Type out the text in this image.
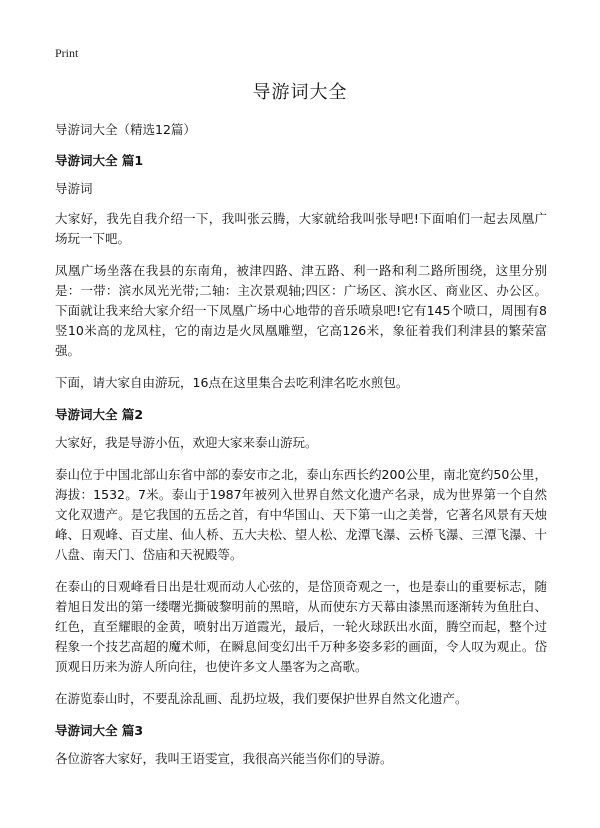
Print
导游词大全

导游词大全（精选12篇）

导游词大全 篇1

导游词

大家好，我先自我介绍一下，我叫张云腾，大家就给我叫张导吧!下面咱们一起去凤凰广场玩一下吧。

凤凰广场坐落在我县的东南角，被津四路、津五路、利一路和利二路所围绕，这里分别是：一带：滨水凤光光带;二轴：主次景观轴;四区：广场区、滨水区、商业区、办公区。下面就让我来给大家介绍一下凤凰广场中心地带的音乐喷泉吧!它有145个喷口，周围有8竖10米高的龙凤柱，它的南边是火凤凰雕塑，它高126米，象征着我们利津县的繁荣富强。

下面，请大家自由游玩，16点在这里集合去吃利津名吃水煎包。

导游词大全 篇2

大家好，我是导游小伍，欢迎大家来泰山游玩。

泰山位于中国北部山东省中部的泰安市之北，泰山东西长约200公里，南北宽约50公里，海拔：1532。7米。泰山于1987年被列入世界自然文化遗产名录，成为世界第一个自然文化双遗产。是它我国的五岳之首，有中华国山、天下第一山之美誉，它著名风景有天烛峰、日观峰、百丈崖、仙人桥、五大夫松、望人松、龙潭飞瀑、云桥飞瀑、三潭飞瀑、十八盘、南天门、岱庙和天祝殿等。

在泰山的日观峰看日出是壮观而动人心弦的，是岱顶奇观之一，也是泰山的重要标志，随着旭日发出的第一缕曙光撕破黎明前的黑暗，从而使东方天幕由漆黑而逐渐转为鱼肚白、红色，直至耀眼的金黄，喷射出万道霞光，最后，一轮火球跃出水面，腾空而起，整个过程象一个技艺高超的魔术师，在瞬息间变幻出千万种多姿多彩的画面，令人叹为观止。岱顶观日历来为游人所向往，也使许多文人墨客为之高歌。

在游览泰山时，不要乱涂乱画、乱扔垃圾，我们要保护世界自然文化遗产。

导游词大全 篇3

各位游客大家好，我叫王语雯宣，我很高兴能当你们的导游。
